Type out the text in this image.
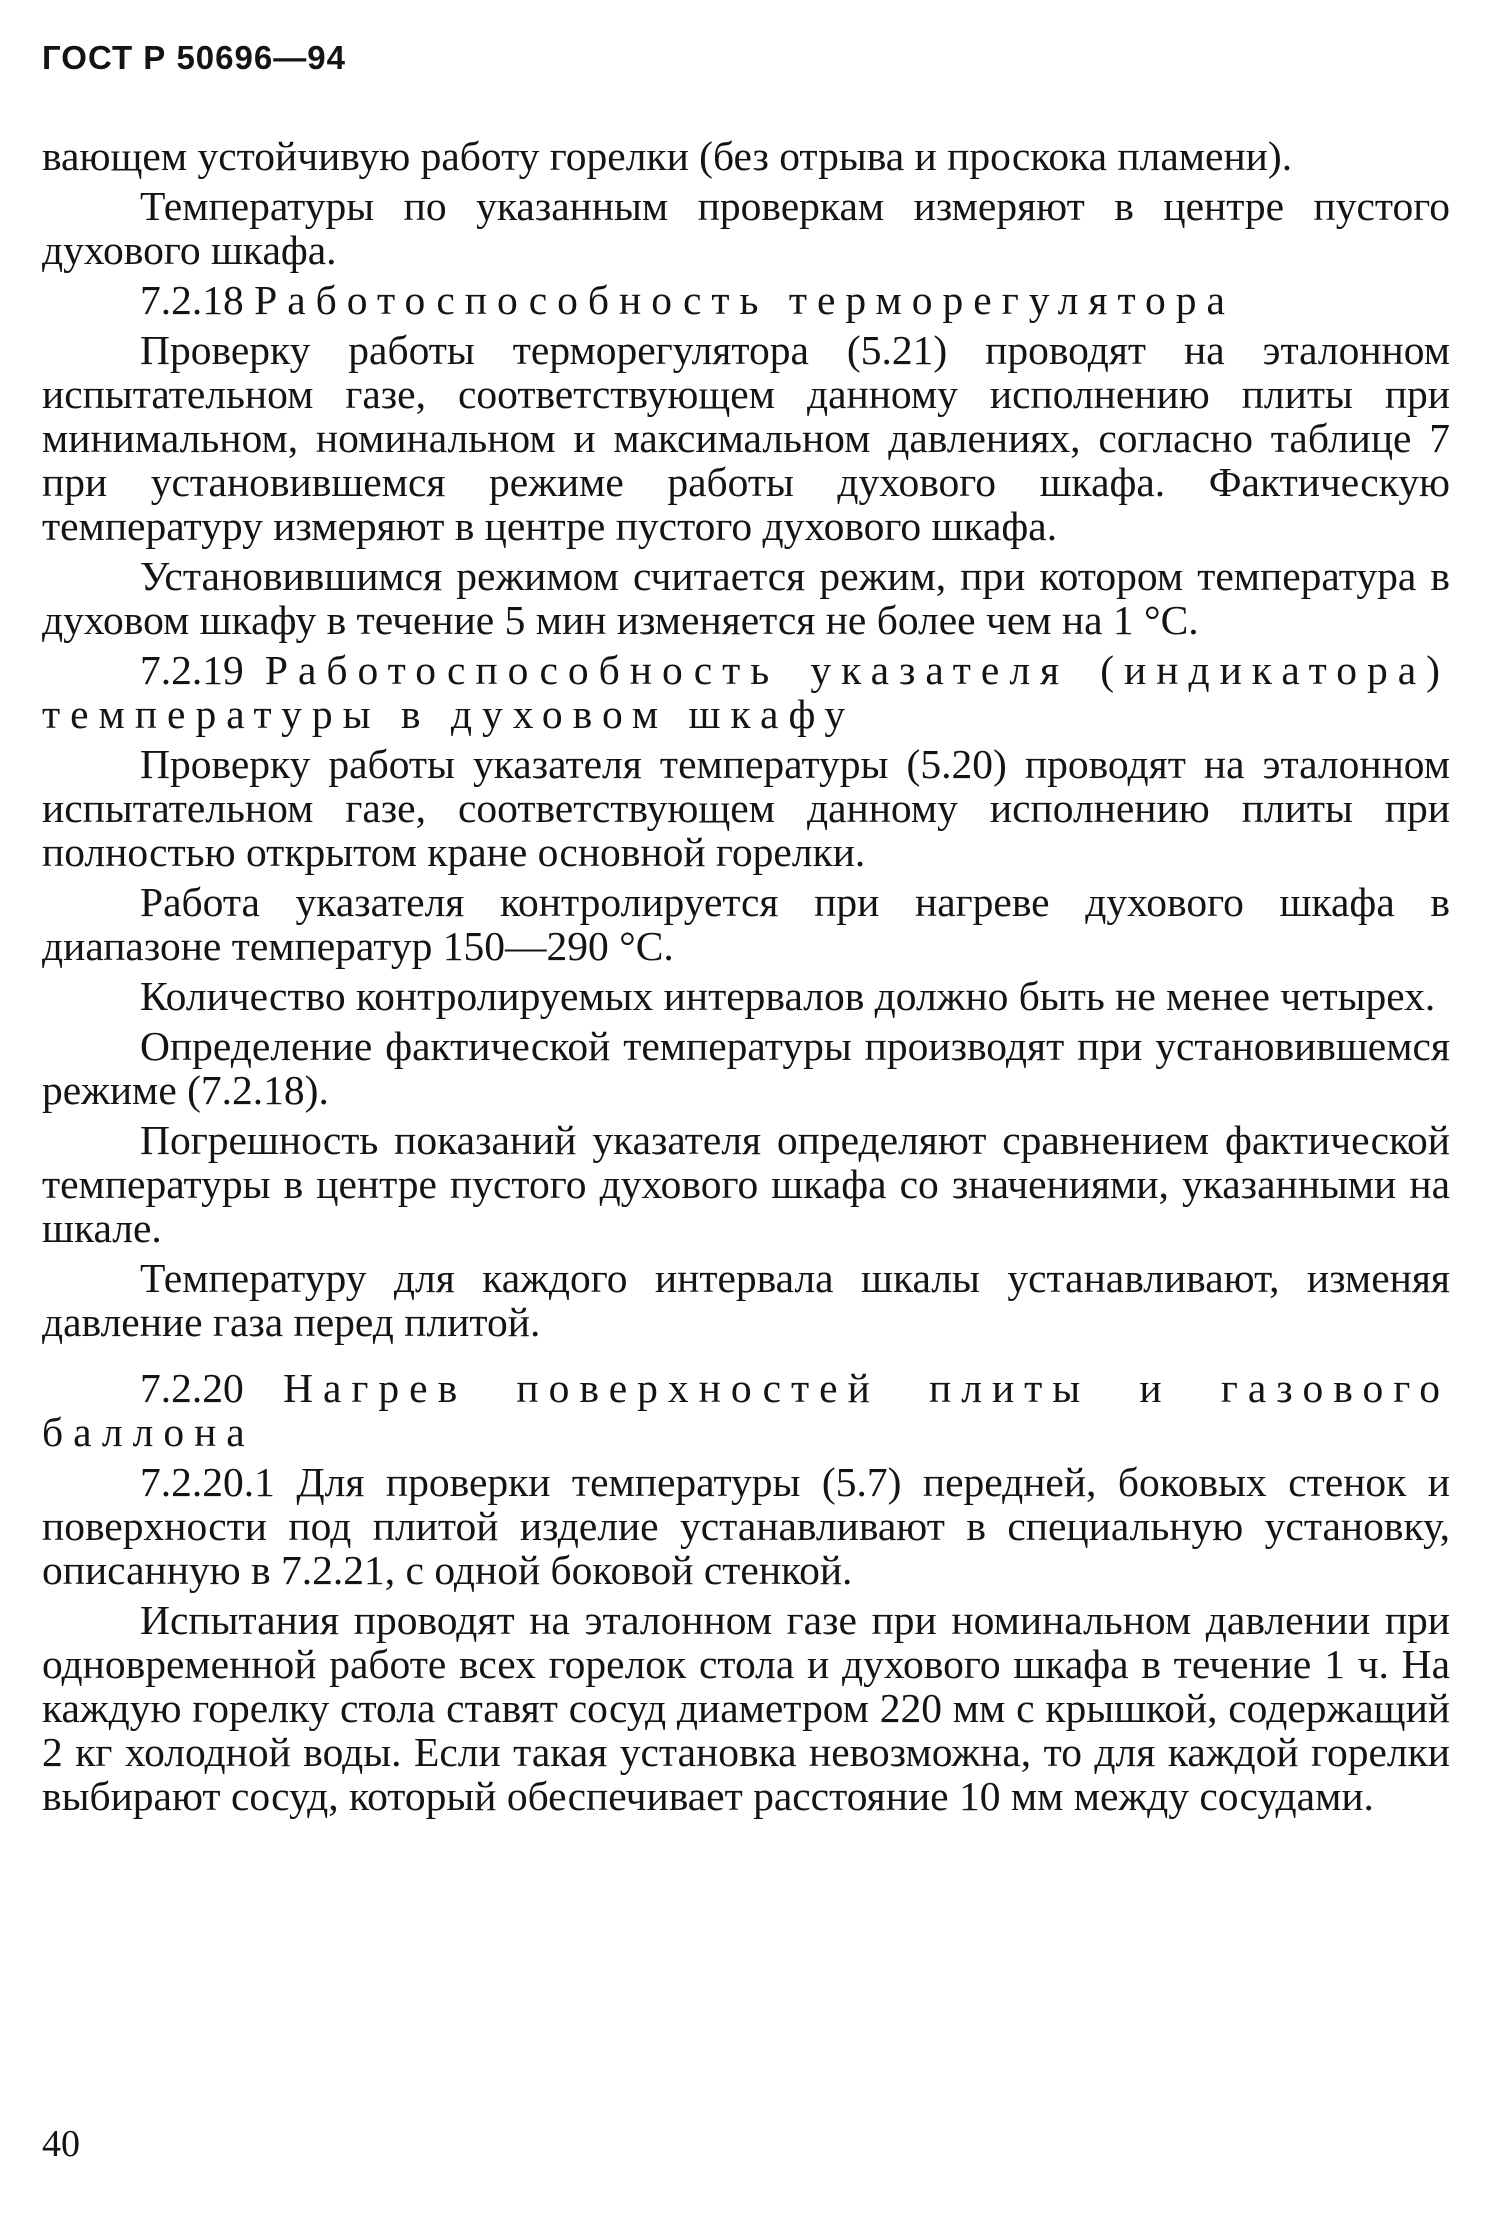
ГОСТ Р 50696—94

вающем устойчивую работу горелки (без отрыва и проскока пламени).

Температуры по указанным проверкам измеряют в центре пустого духового шкафа.

7.2.18 Работоспособность терморегулятора

Проверку работы терморегулятора (5.21) проводят на эталонном испытательном газе, соответствующем данному исполнению плиты при минимальном, номинальном и максимальном давлениях, согласно таблице 7 при установившемся режиме работы духового шкафа. Фактическую температуру измеряют в центре пустого духового шкафа.

Установившимся режимом считается режим, при котором температура в духовом шкафу в течение 5 мин изменяется не более чем на 1 °С.

7.2.19 Работоспособность указателя (индикатора) температуры в духовом шкафу

Проверку работы указателя температуры (5.20) проводят на эталонном испытательном газе, соответствующем данному исполнению плиты при полностью открытом кране основной горелки.

Работа указателя контролируется при нагреве духового шкафа в диапазоне температур 150—290 °С.

Количество контролируемых интервалов должно быть не менее четырех.

Определение фактической температуры производят при установившемся режиме (7.2.18).

Погрешность показаний указателя определяют сравнением фактической температуры в центре пустого духового шкафа со значениями, указанными на шкале.

Температуру для каждого интервала шкалы устанавливают, изменяя давление газа перед плитой.

7.2.20 Нагрев поверхностей плиты и газового баллона

7.2.20.1 Для проверки температуры (5.7) передней, боковых стенок и поверхности под плитой изделие устанавливают в специальную установку, описанную в 7.2.21, с одной боковой стенкой.

Испытания проводят на эталонном газе при номинальном давлении при одновременной работе всех горелок стола и духового шкафа в течение 1 ч. На каждую горелку стола ставят сосуд диаметром 220 мм с крышкой, содержащий 2 кг холодной воды. Если такая установка невозможна, то для каждой горелки выбирают сосуд, который обеспечивает расстояние 10 мм между сосудами.

40
